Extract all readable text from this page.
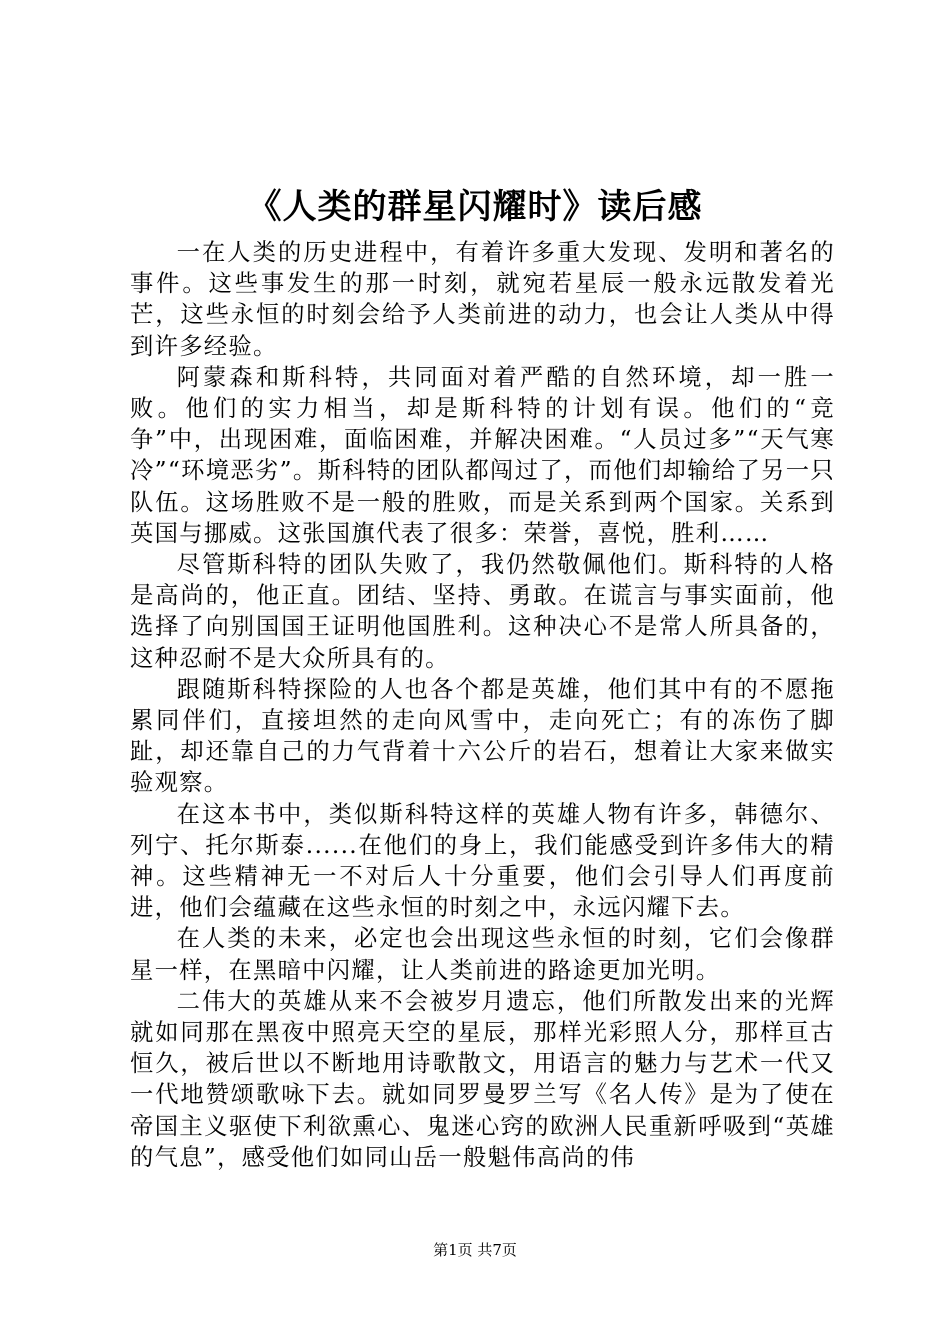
《人类的群星闪耀时》读后感

一在人类的历史进程中，有着许多重大发现、发明和著名的事件。这些事发生的那一时刻，就宛若星辰一般永远散发着光芒，这些永恒的时刻会给予人类前进的动力，也会让人类从中得到许多经验。

阿蒙森和斯科特，共同面对着严酷的自然环境，却一胜一败。他们的实力相当，却是斯科特的计划有误。他们的“竞争”中，出现困难，面临困难，并解决困难。“人员过多”“天气寒冷”“环境恶劣”。斯科特的团队都闯过了，而他们却输给了另一只队伍。这场胜败不是一般的胜败，而是关系到两个国家。关系到英国与挪威。这张国旗代表了很多：荣誉，喜悦，胜利……

尽管斯科特的团队失败了，我仍然敬佩他们。斯科特的人格是高尚的，他正直。团结、坚持、勇敢。在谎言与事实面前，他选择了向别国国王证明他国胜利。这种决心不是常人所具备的，这种忍耐不是大众所具有的。

跟随斯科特探险的人也各个都是英雄，他们其中有的不愿拖累同伴们，直接坦然的走向风雪中，走向死亡；有的冻伤了脚趾，却还靠自己的力气背着十六公斤的岩石，想着让大家来做实验观察。

在这本书中，类似斯科特这样的英雄人物有许多，韩德尔、列宁、托尔斯泰......在他们的身上，我们能感受到许多伟大的精神。这些精神无一不对后人十分重要，他们会引导人们再度前进，他们会蕴藏在这些永恒的时刻之中，永远闪耀下去。

在人类的未来，必定也会出现这些永恒的时刻，它们会像群星一样，在黑暗中闪耀，让人类前进的路途更加光明。

二伟大的英雄从来不会被岁月遗忘，他们所散发出来的光辉就如同那在黑夜中照亮天空的星辰，那样光彩照人分，那样亘古恒久，被后世以不断地用诗歌散文，用语言的魅力与艺术一代又一代地赞颂歌咏下去。就如同罗曼罗兰写《名人传》是为了使在帝国主义驱使下利欲熏心、鬼迷心窍的欧洲人民重新呼吸到“英雄的气息”，感受他们如同山岳一般魁伟高尚的伟

第1页 共7页
